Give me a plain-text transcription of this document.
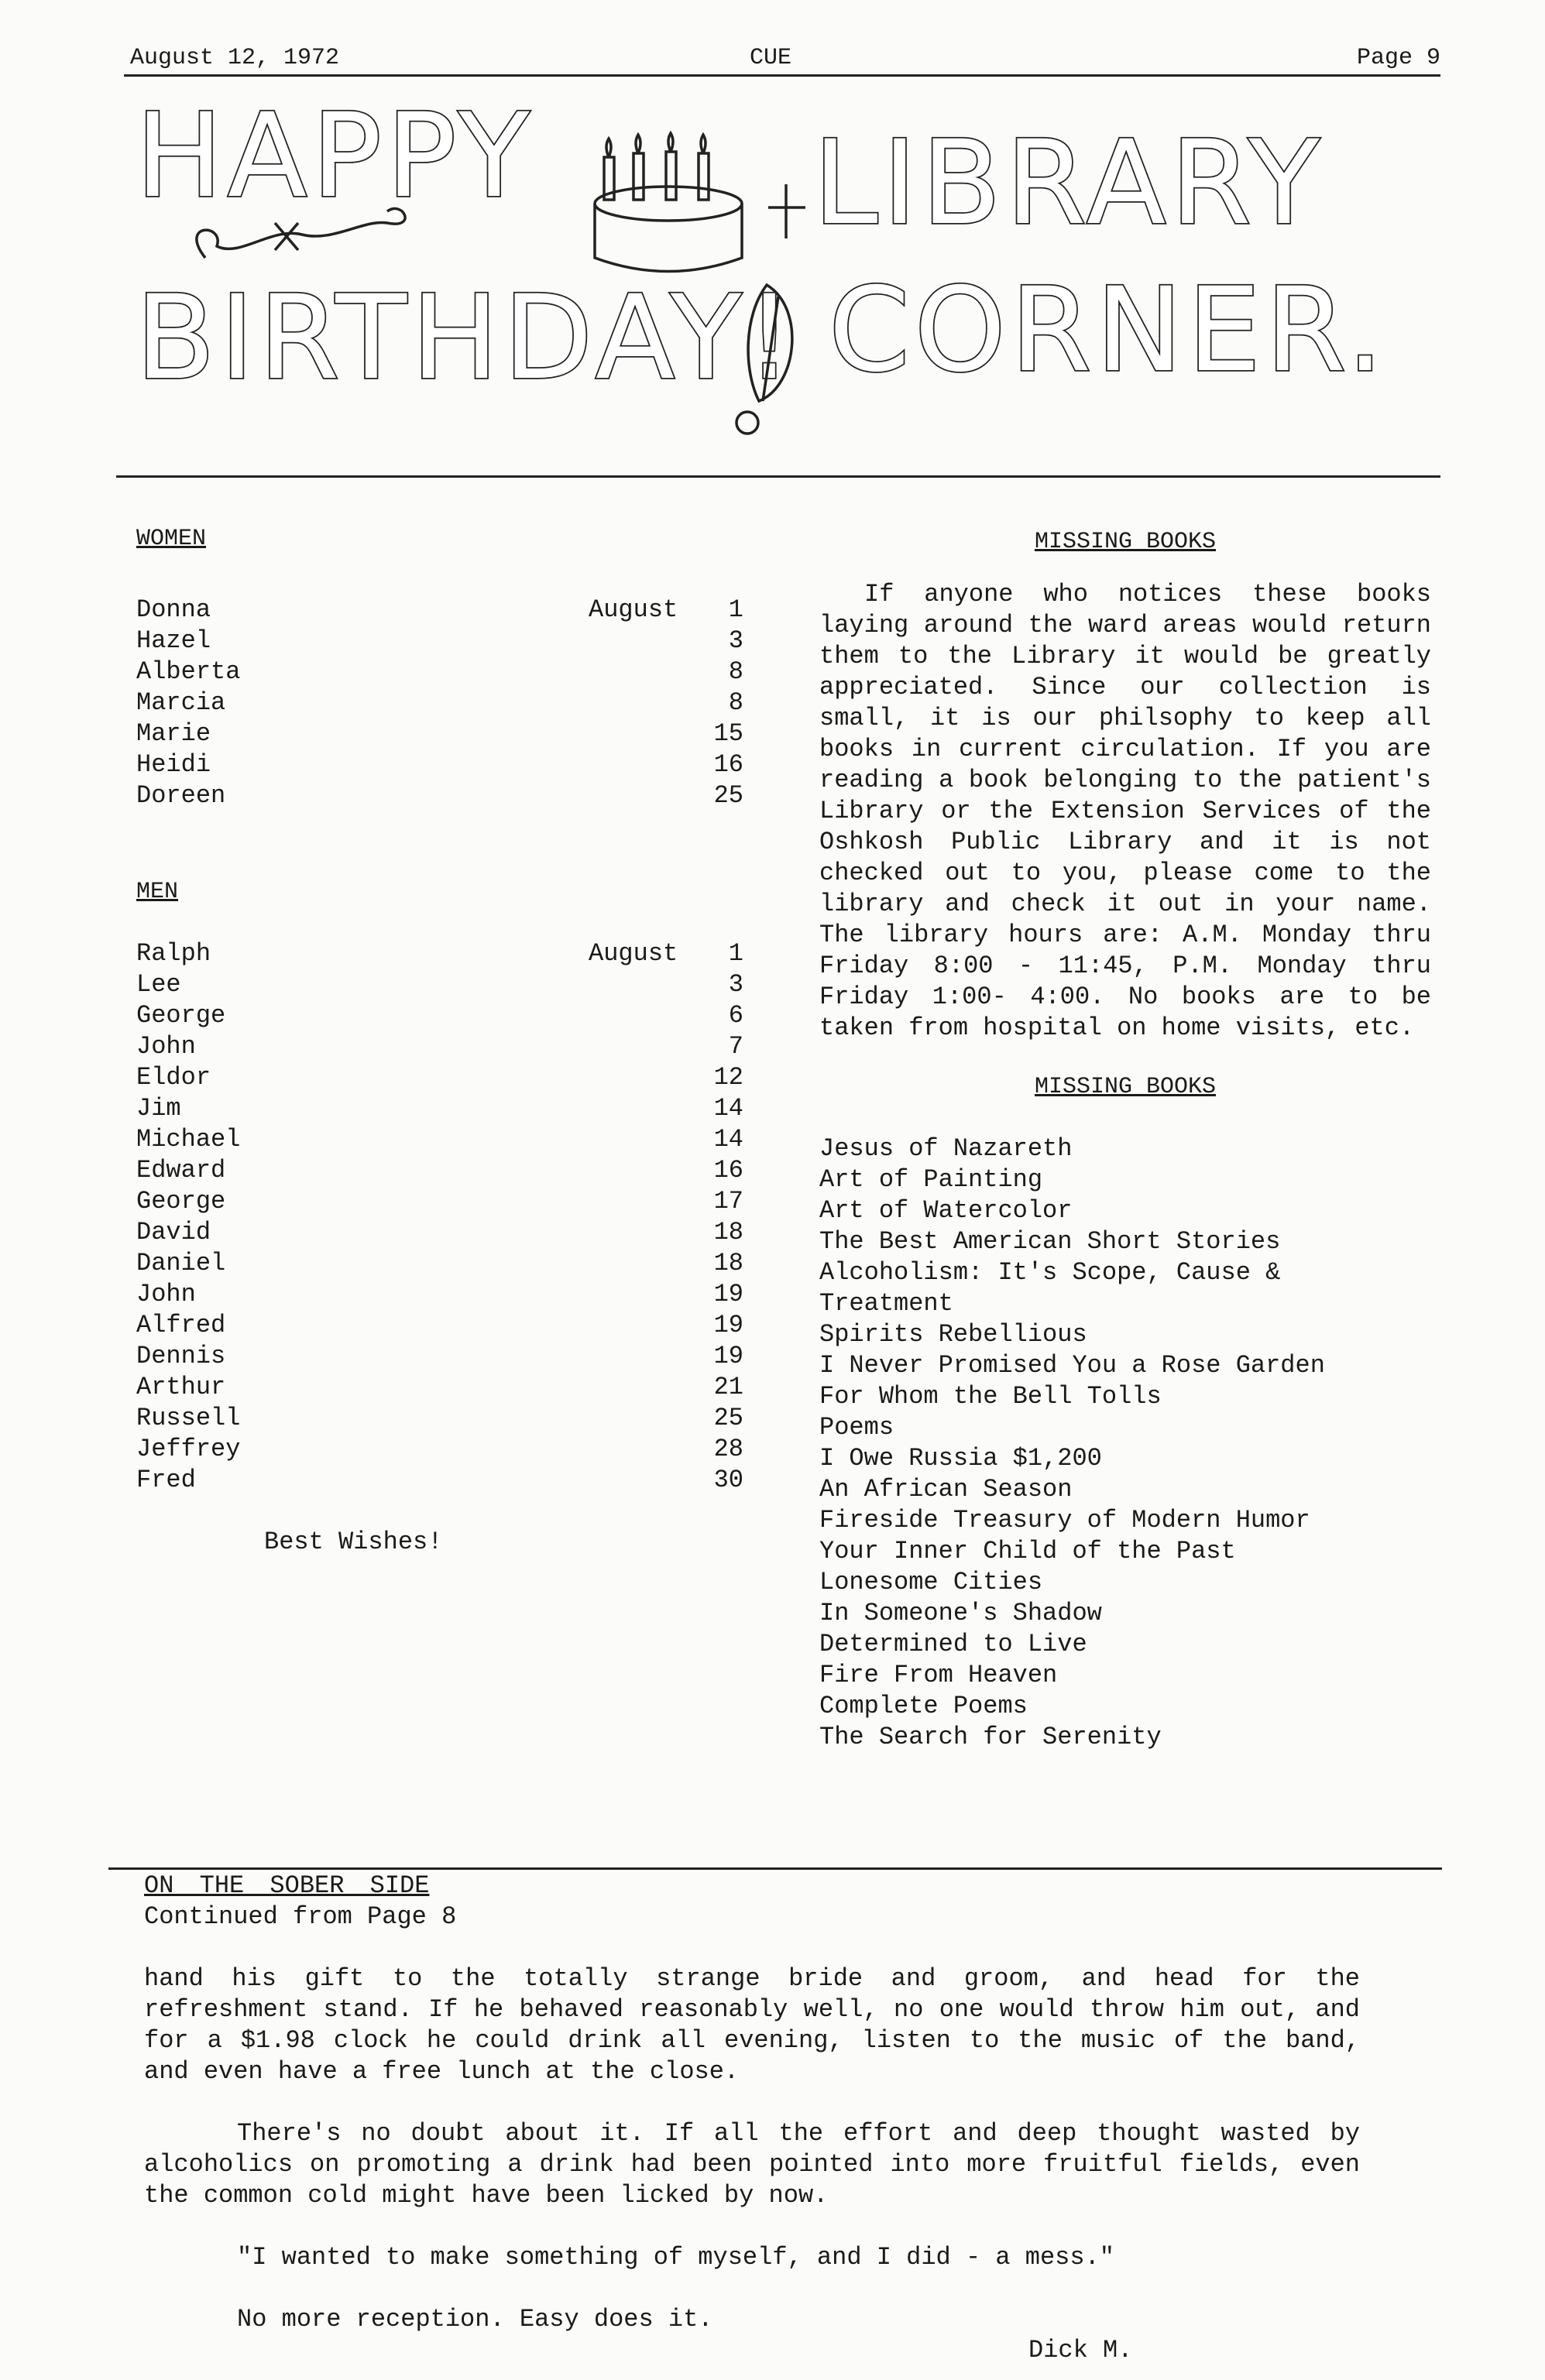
August 12, 1972	CUE	Page 9
HAPPY LIBRARY
BIRTHDAY! CORNER.
WOMEN
Donna	August 1
Hazel	3
Alberta	8
Marcia	8
Marie	15
Heidi	16
Doreen	25
MEN
Ralph	August 1
Lee	3
George	6
John	7
Eldor	12
Jim	14
Michael	14
Edward	16
George	17
David	18
Daniel	18
John	19
Alfred	19
Dennis	19
Arthur	21
Russell	25
Jeffrey	28
Fred	30
Best Wishes!
MISSING BOOKS
If anyone who notices these books laying around the ward areas would return them to the Library it would be greatly appreciated. Since our collection is small, it is our philsophy to keep all books in current circulation. If you are reading a book belonging to the patient's Library or the Extension Services of the Oshkosh Public Library and it is not checked out to you, please come to the library and check it out in your name. The library hours are: A.M. Monday thru Friday 8:00 - 11:45, P.M. Monday thru Friday 1:00- 4:00. No books are to be taken from hospital on home visits, etc.
MISSING BOOKS
Jesus of Nazareth
Art of Painting
Art of Watercolor
The Best American Short Stories
Alcoholism: It's Scope, Cause &
Treatment
Spirits Rebellious
I Never Promised You a Rose Garden
For Whom the Bell Tolls
Poems
I Owe Russia $1,200
An African Season
Fireside Treasury of Modern Humor
Your Inner Child of the Past
Lonesome Cities
In Someone's Shadow
Determined to Live
Fire From Heaven
Complete Poems
The Search for Serenity
ON THE SOBER SIDE
Continued from Page 8

hand his gift to the totally strange bride and groom, and head for the refreshment stand. If he behaved reasonably well, no one would throw him out, and for a $1.98 clock he could drink all evening, listen to the music of the band, and even have a free lunch at the close.

There's no doubt about it. If all the effort and deep thought wasted by alcoholics on promoting a drink had been pointed into more fruitful fields, even the common cold might have been licked by now.

"I wanted to make something of myself, and I did - a mess."

No more reception. Easy does it.

Dick M.
